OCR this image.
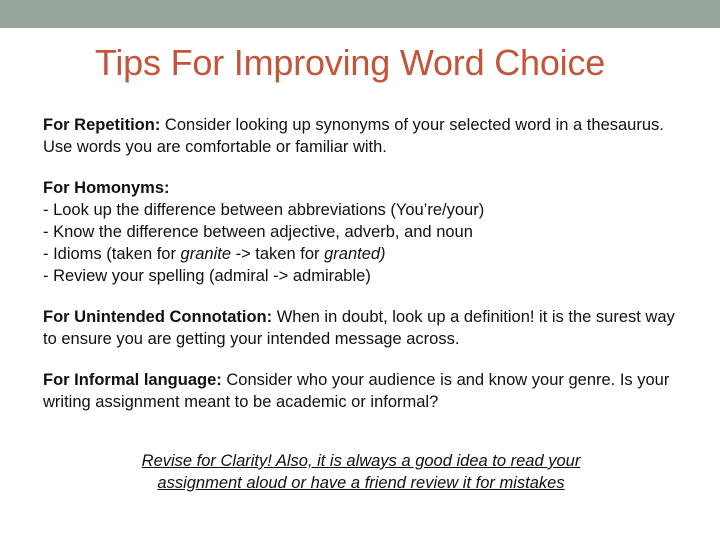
Tips For Improving Word Choice

For Repetition: Consider looking up synonyms of your selected word in a thesaurus. Use words you are comfortable or familiar with.

For Homonyms:
- Look up the difference between abbreviations (You’re/your)
- Know the difference between adjective, adverb, and noun
- Idioms (taken for granite -> taken for granted)
- Review your spelling (admiral -> admirable)

For Unintended Connotation: When in doubt, look up a definition! it is the surest way to ensure you are getting your intended message across.

For Informal language: Consider who your audience is and know your genre. Is your writing assignment meant to be academic or informal?

Revise for Clarity! Also, it is always a good idea to read your assignment aloud or have a friend review it for mistakes
